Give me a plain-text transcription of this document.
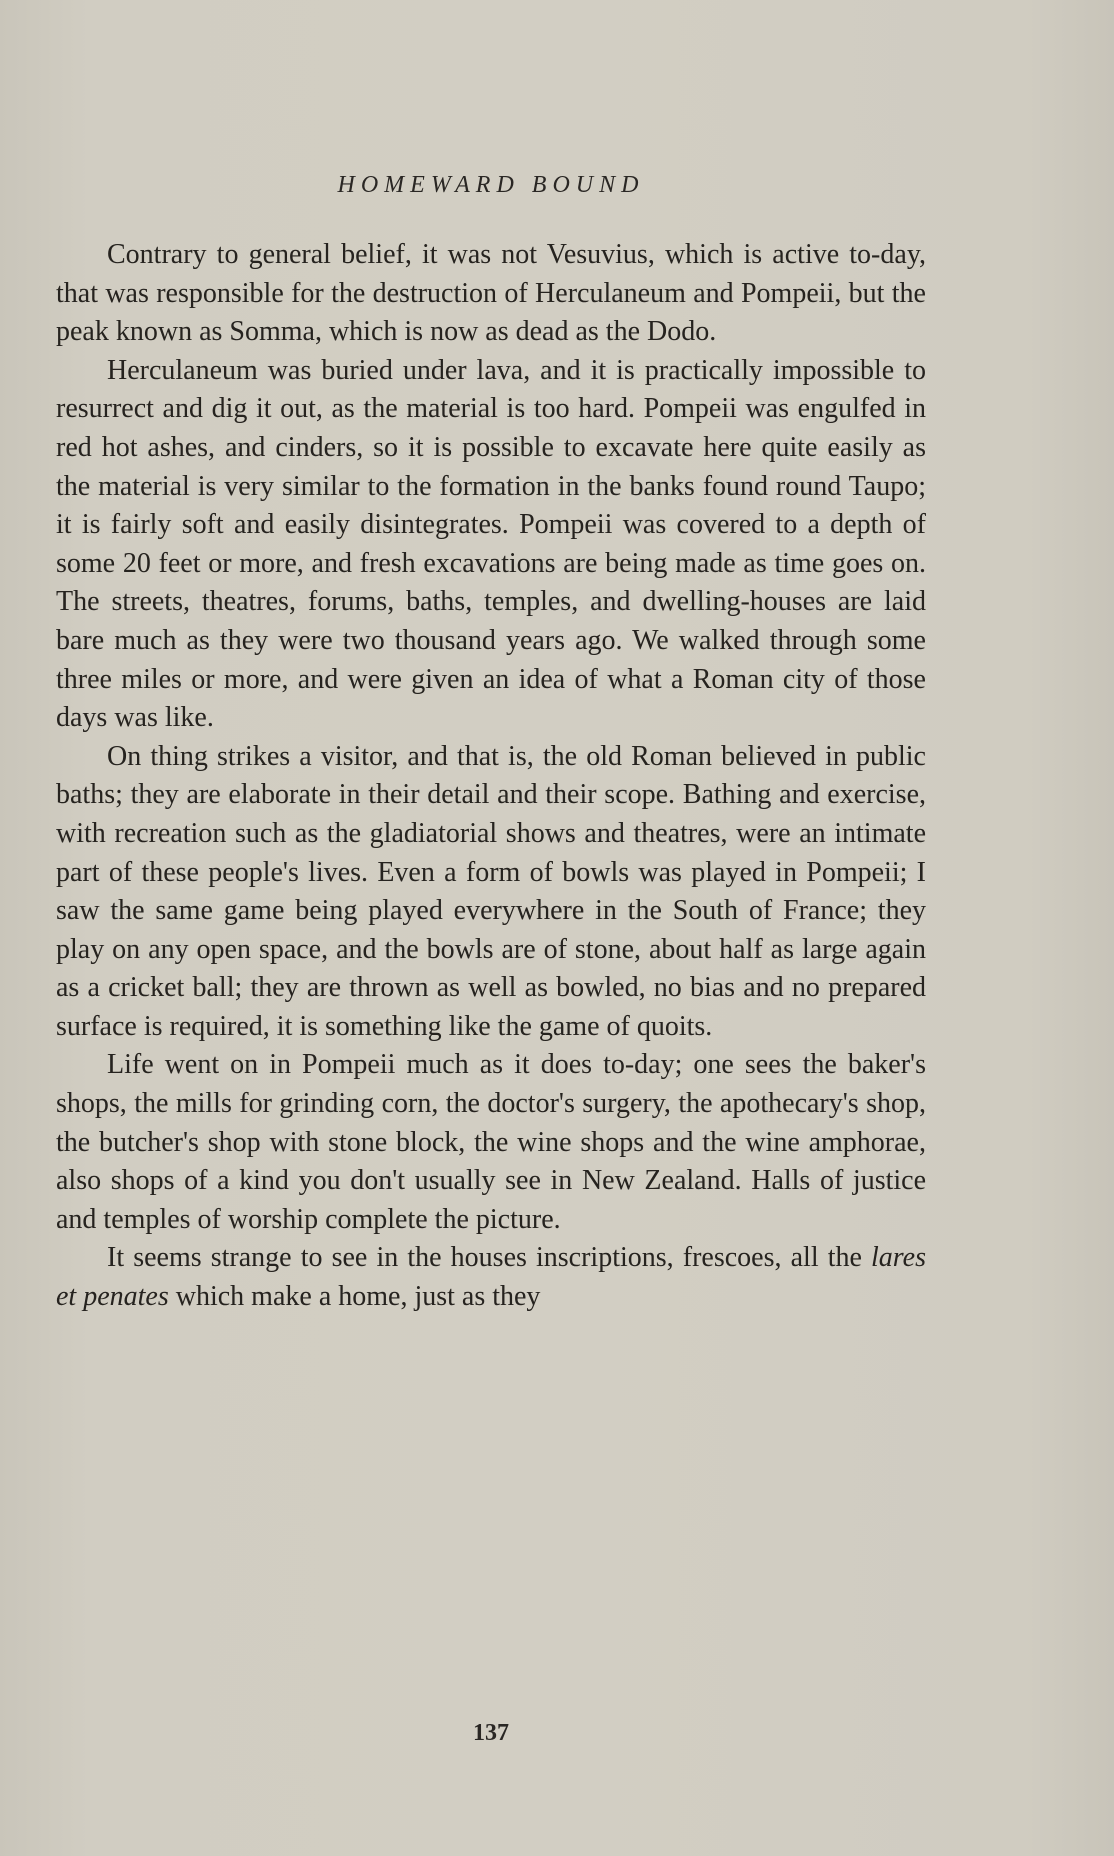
HOMEWARD BOUND

Contrary to general belief, it was not Vesuvius, which is active to-day, that was responsible for the destruction of Herculaneum and Pompeii, but the peak known as Somma, which is now as dead as the Dodo.

Herculaneum was buried under lava, and it is practically impossible to resurrect and dig it out, as the material is too hard. Pompeii was engulfed in red hot ashes, and cinders, so it is possible to excavate here quite easily as the material is very similar to the formation in the banks found round Taupo; it is fairly soft and easily disintegrates. Pompeii was covered to a depth of some 20 feet or more, and fresh excavations are being made as time goes on. The streets, theatres, forums, baths, temples, and dwelling-houses are laid bare much as they were two thousand years ago. We walked through some three miles or more, and were given an idea of what a Roman city of those days was like.

On thing strikes a visitor, and that is, the old Roman believed in public baths; they are elaborate in their detail and their scope. Bathing and exercise, with recreation such as the gladiatorial shows and theatres, were an intimate part of these people's lives. Even a form of bowls was played in Pompeii; I saw the same game being played everywhere in the South of France; they play on any open space, and the bowls are of stone, about half as large again as a cricket ball; they are thrown as well as bowled, no bias and no prepared surface is required, it is something like the game of quoits.

Life went on in Pompeii much as it does to-day; one sees the baker's shops, the mills for grinding corn, the doctor's surgery, the apothecary's shop, the butcher's shop with stone block, the wine shops and the wine amphorae, also shops of a kind you don't usually see in New Zealand. Halls of justice and temples of worship complete the picture.

It seems strange to see in the houses inscriptions, frescoes, all the lares et penates which make a home, just as they

137
